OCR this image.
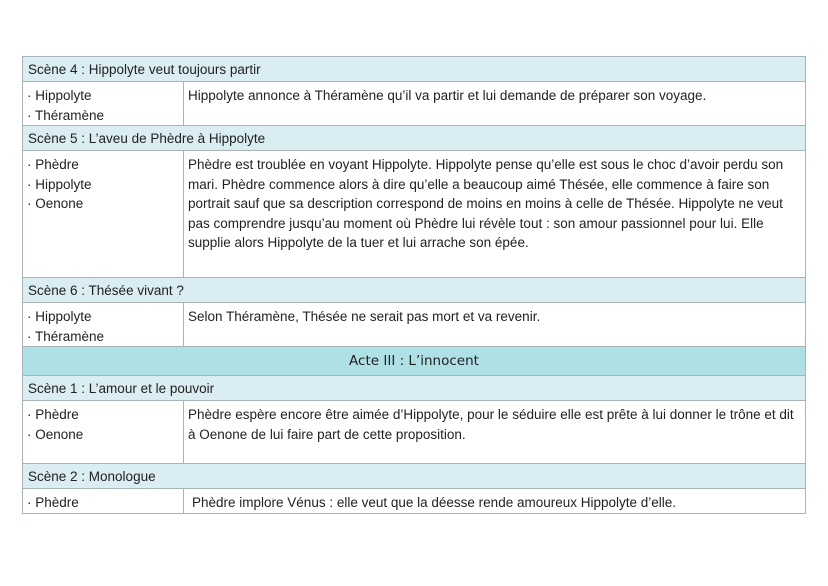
Scène 4 : Hippolyte veut toujours partir
· Hippolyte
· Théramène
Hippolyte annonce à Théramène qu’il va partir et lui demande de préparer son voyage.
Scène 5 : L’aveu de Phèdre à Hippolyte
· Phèdre
· Hippolyte
· Oenone
Phèdre est troublée en voyant Hippolyte. Hippolyte pense qu’elle est sous le choc d’avoir perdu son mari. Phèdre commence alors à dire qu’elle a beaucoup aimé Thésée, elle commence à faire son portrait sauf que sa description correspond de moins en moins à celle de Thésée. Hippolyte ne veut pas comprendre jusqu’au moment où Phèdre lui révèle tout : son amour passionnel pour lui. Elle supplie alors Hippolyte de la tuer et lui arrache son épée.
Scène 6 : Thésée vivant ?
· Hippolyte
· Théramène
Selon Théramène, Thésée ne serait pas mort et va revenir.
Acte III : L’innocent
Scène 1 : L’amour et le pouvoir
· Phèdre
· Oenone
Phèdre espère encore être aimée d’Hippolyte, pour le séduire elle est prête à lui donner le trône et dit à Oenone de lui faire part de cette proposition.
Scène 2 : Monologue
· Phèdre	Phèdre implore Vénus : elle veut que la déesse rende amoureux Hippolyte d’elle.
